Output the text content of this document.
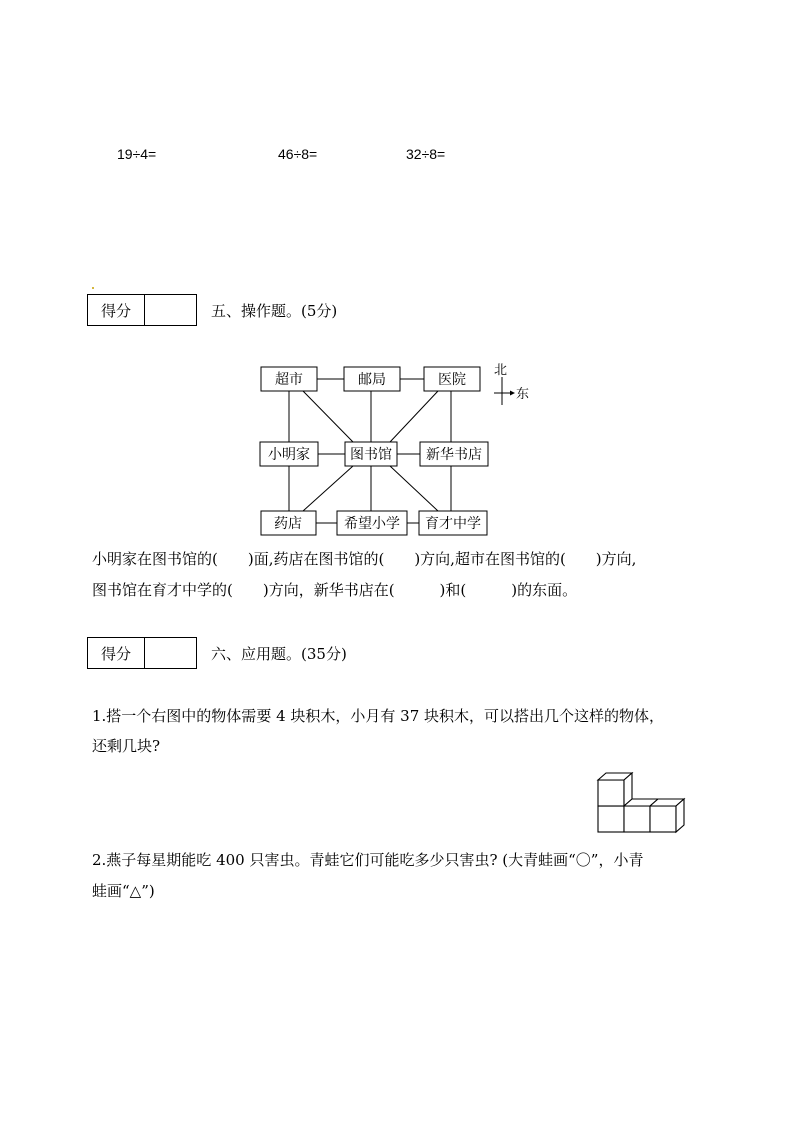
19÷4=	46÷8=	32÷8=
得分	五、操作题。(5分)
超市	邮局	医院
小明家	图书馆 新华书店
药店	希望小学 育才中学
北
东
小明家在图书馆的(　　)面,药店在图书馆的(　　)方向,超市在图书馆的(　　)方向,
图书馆在育才中学的(　　)方向，新华书店在(　　　)和(　　　)的东面。
得分	六、应用题。(35分)
1.搭一个右图中的物体需要 4 块积木，小月有 37 块积木，可以搭出几个这样的物体，
还剩几块?
2.燕子每星期能吃 400 只害虫。青蛙它们可能吃多少只害虫? (大青蛙画“〇”，小青
蛙画“△”)
